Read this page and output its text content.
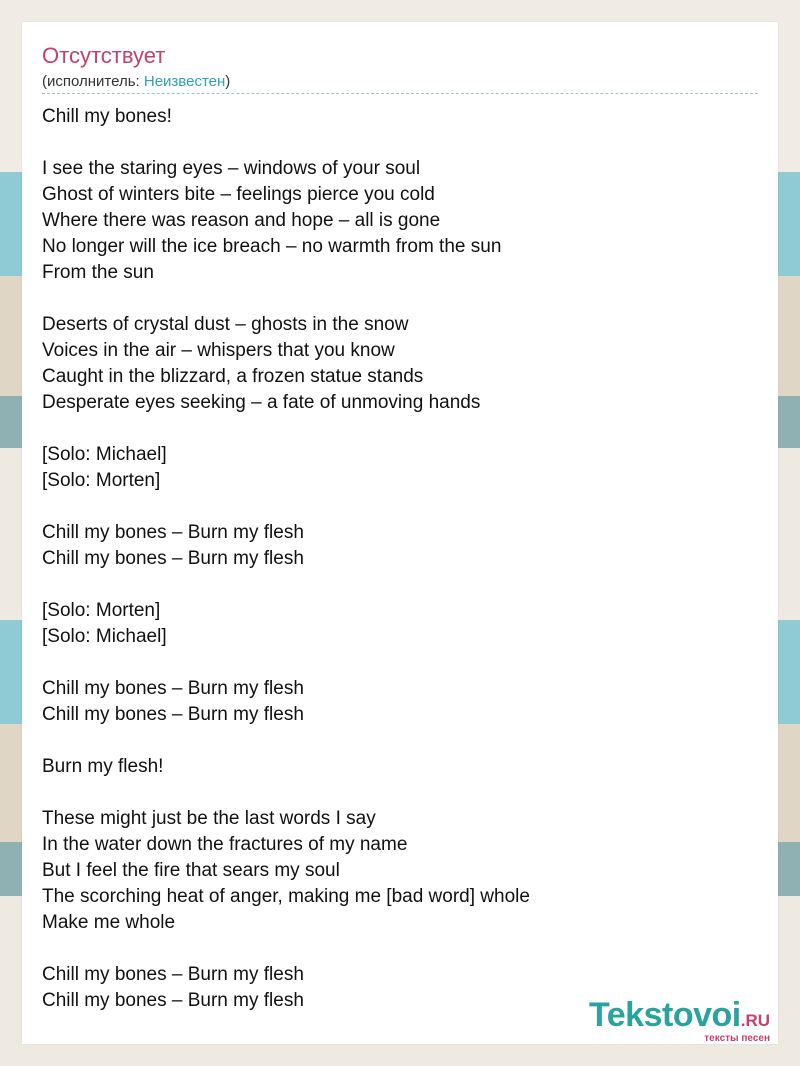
Отсутствует
(исполнитель: Неизвестен)
Chill my bones!
I see the staring eyes – windows of your soul
Ghost of winters bite – feelings pierce you cold
Where there was reason and hope – all is gone
No longer will the ice breach – no warmth from the sun
From the sun
Deserts of crystal dust – ghosts in the snow
Voices in the air – whispers that you know
Caught in the blizzard, a frozen statue stands
Desperate eyes seeking – a fate of unmoving hands
[Solo: Michael]
[Solo: Morten]
Chill my bones – Burn my flesh
Chill my bones – Burn my flesh
[Solo: Morten]
[Solo: Michael]
Chill my bones – Burn my flesh
Chill my bones – Burn my flesh
Burn my flesh!
These might just be the last words I say
In the water down the fractures of my name
But I feel the fire that sears my soul
The scorching heat of anger, making me [bad word] whole
Make me whole
Chill my bones – Burn my flesh
Chill my bones – Burn my flesh	Tekstovoi.RU
тексты песен
